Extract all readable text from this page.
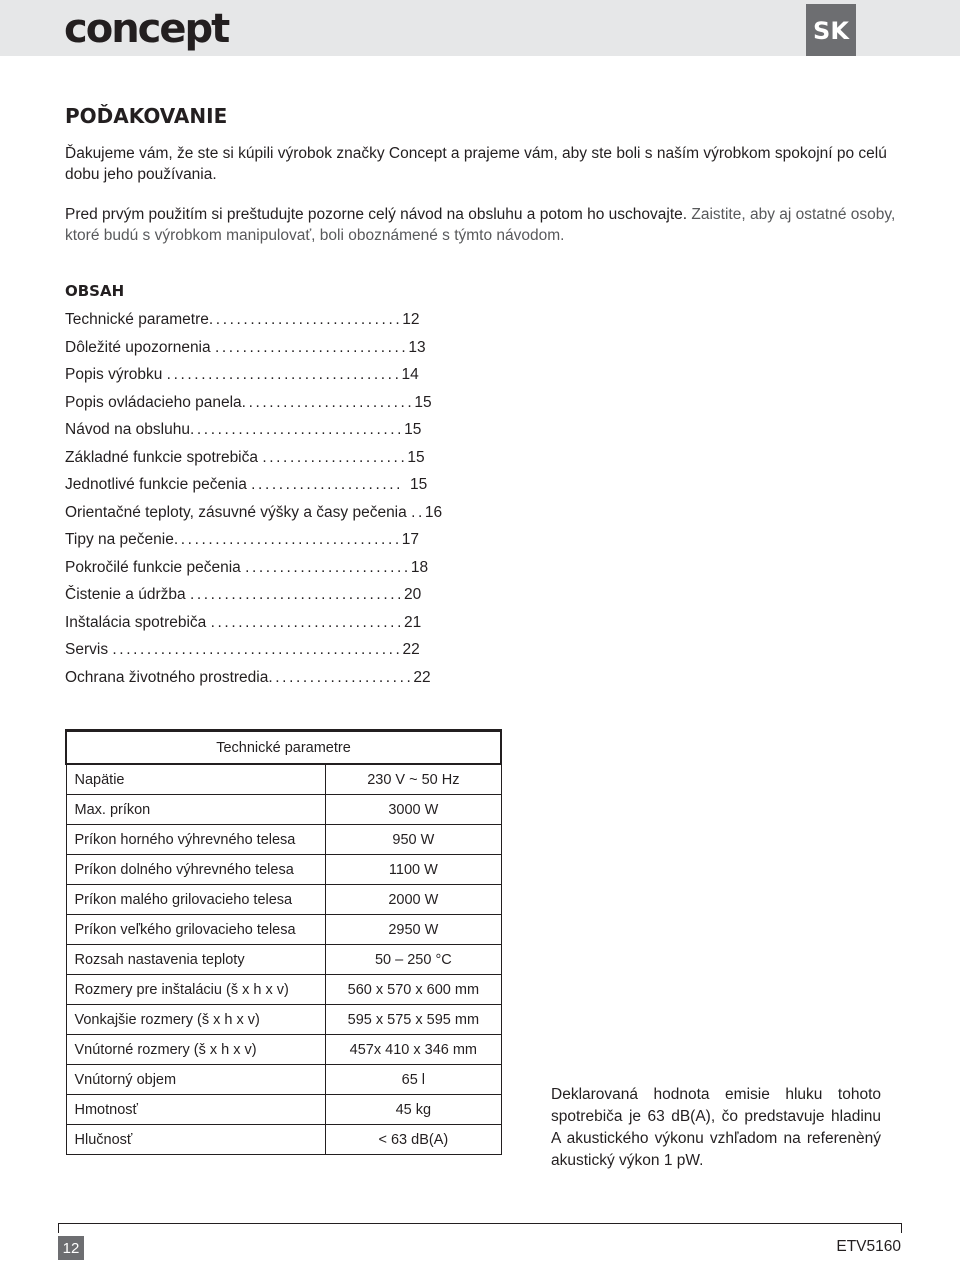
concept	SK
POĎAKOVANIE

Ďakujeme vám, že ste si kúpili výrobok značky Concept a prajeme vám, aby ste boli s naším výrobkom spokojní po celú dobu jeho používania.

Pred prvým použitím si preštudujte pozorne celý návod na obsluhu a potom ho uschovajte. Zaistite, aby aj ostatné osoby, ktoré budú s výrobkom manipulovať, boli oboznámené s týmto návodom.

OBSAH
Technické parametre............................12
Dôležité upozornenia ............................13
Popis výrobku ..................................14
Popis ovládacieho panela.........................15
Návod na obsluhu...............................15
Základné funkcie spotrebiča .....................15
Jednotlivé funkcie pečenia ...................... 15
Orientačné teploty, zásuvné výšky a časy pečenia ..16
Tipy na pečenie.................................17
Pokročilé funkcie pečenia ........................18
Čistenie a údržba ...............................20
Inštalácia spotrebiča ............................21
Servis ..........................................22
Ochrana životného prostredia.....................22
Technické parametre	
Napätie	230 V ~ 50 Hz
Max. príkon	3000 W
Príkon horného výhrevného telesa	950 W
Príkon dolného výhrevného telesa	1100 W
Príkon malého grilovacieho telesa	2000 W
Príkon veľkého grilovacieho telesa	2950 W
Rozsah nastavenia teploty	50 – 250 °C
Rozmery pre inštaláciu (š x h x v)	560 x 570 x 600 mm
Vonkajšie rozmery (š x h x v)	595 x 575 x 595 mm
Vnútorné rozmery (š x h x v)	457x 410 x 346 mm
Vnútorný objem	65 l
Hmotnosť	45 kg
Hlučnosť	< 63 dB(A)

Deklarovaná hodnota emisie hluku tohoto spotrebiča je 63 dB(A), čo predstavuje hladinu A akustického výkonu vzhľadom na referenèný akustický výkon 1 pW.

12	ETV5160
